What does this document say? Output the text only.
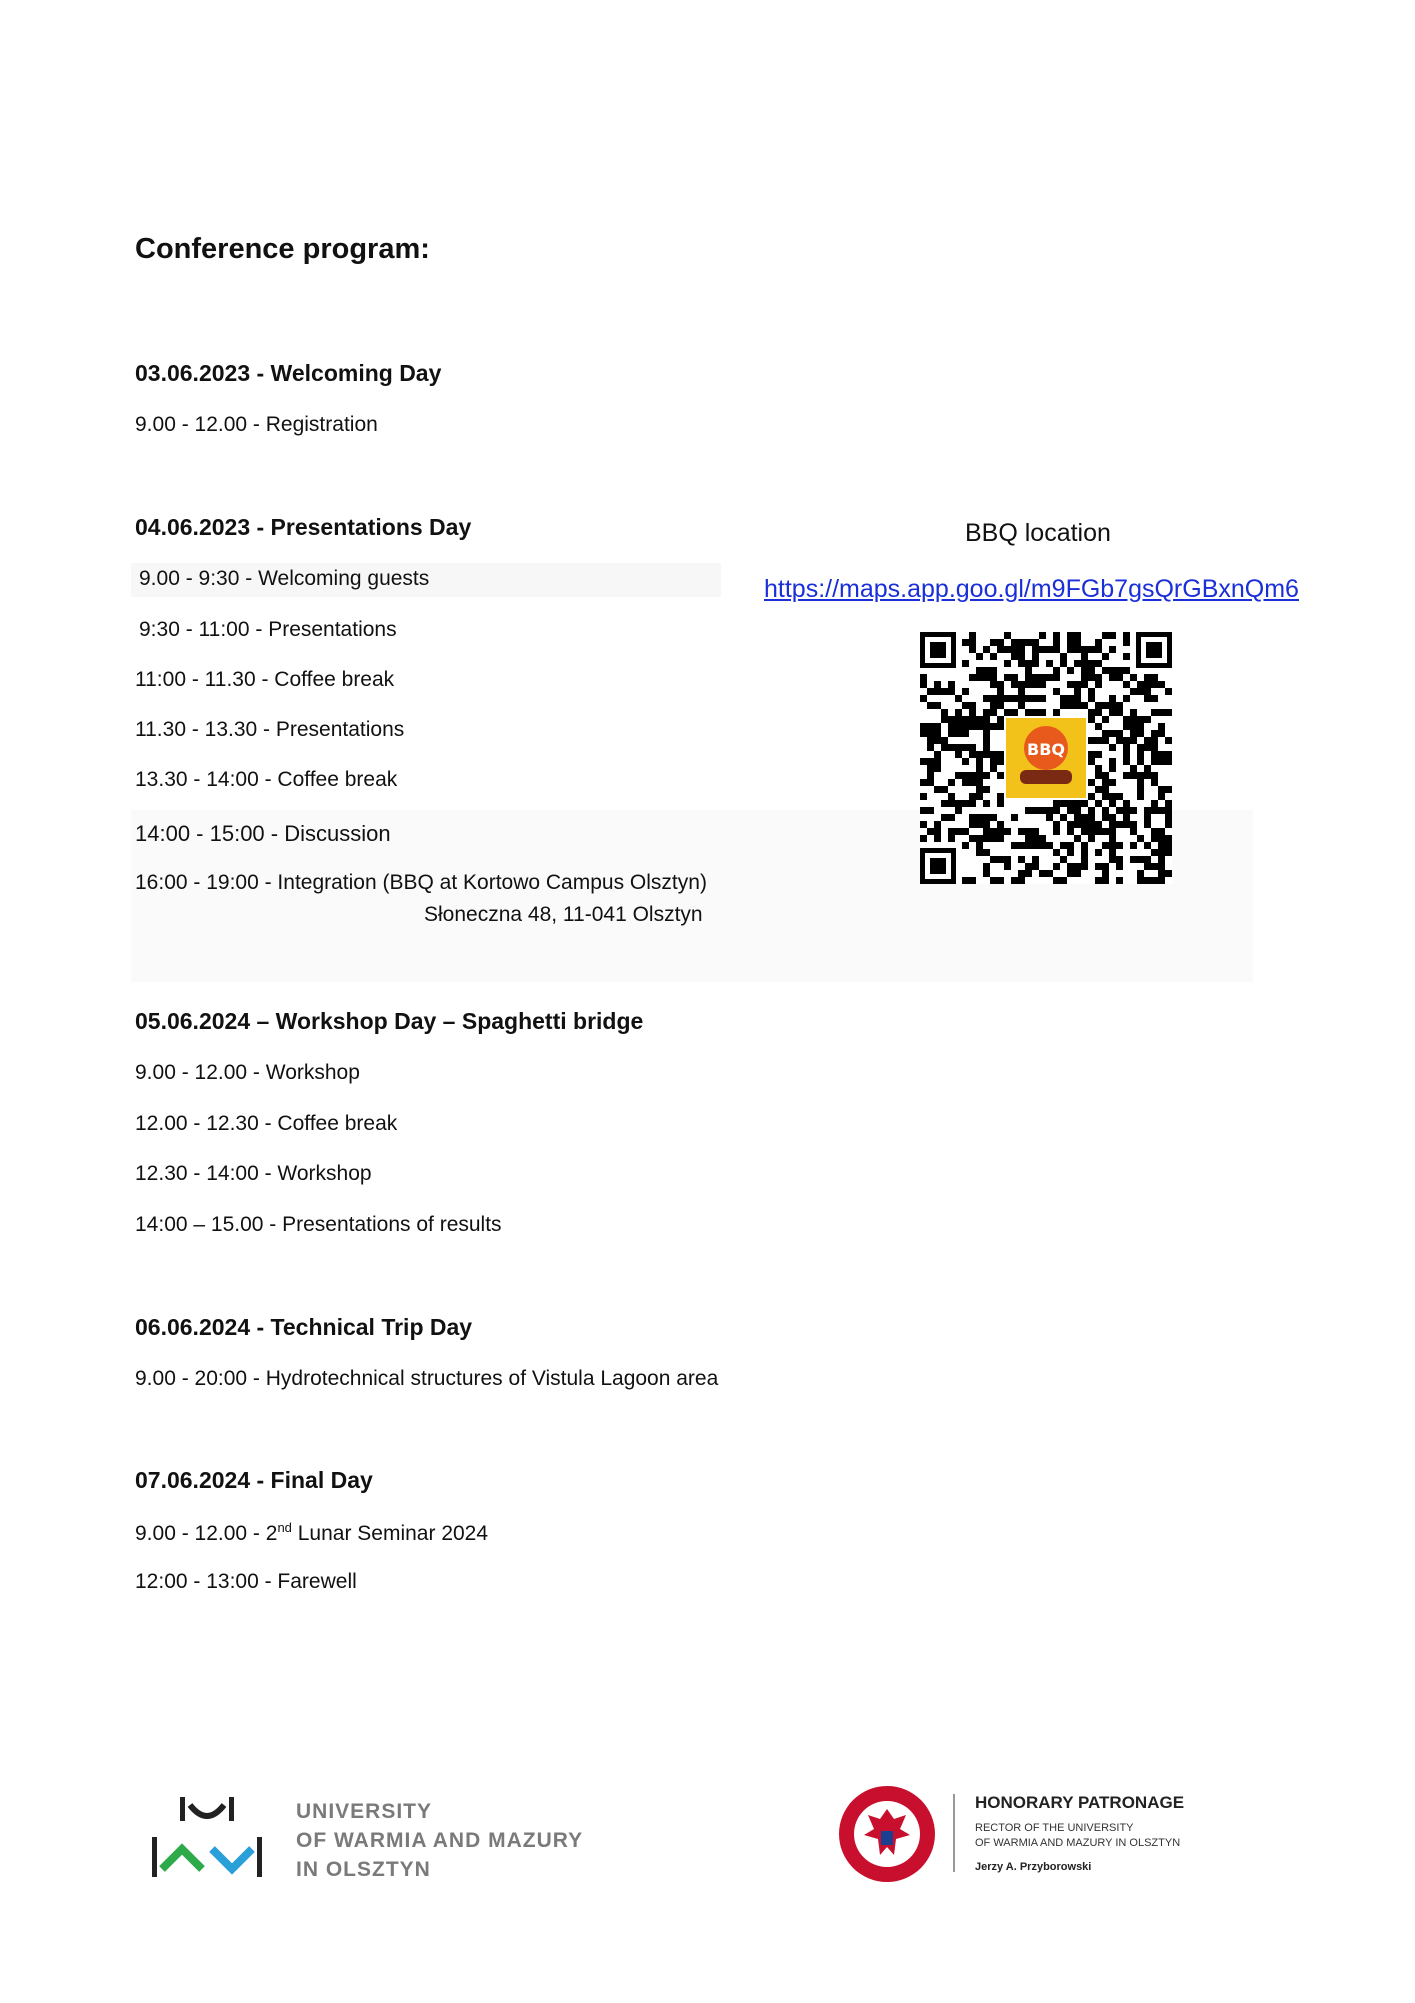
Conference program:
03.06.2023 - Welcoming Day
9.00 - 12.00 - Registration
04.06.2023 - Presentations Day
9.00 - 9:30 - Welcoming guests
9:30 - 11:00 - Presentations
11:00 - 11.30 - Coffee break
11.30 - 13.30 - Presentations
13.30 - 14:00 - Coffee break
14:00 - 15:00 - Discussion
16:00 - 19:00 - Integration (BBQ at Kortowo Campus Olsztyn)
Słoneczna 48, 11-041 Olsztyn
BBQ location
https://maps.app.goo.gl/m9FGb7gsQrGBxnQm6
BBQ
05.06.2024 – Workshop Day – Spaghetti bridge
9.00 - 12.00 - Workshop
12.00 - 12.30 - Coffee break
12.30 - 14:00 - Workshop
14:00 – 15.00 - Presentations of results
06.06.2024 - Technical Trip Day
9.00 - 20:00 - Hydrotechnical structures of Vistula Lagoon area
07.06.2024 - Final Day
9.00 - 12.00 - 2nd Lunar Seminar 2024
12:00 - 13:00 - Farewell
UNIVERSITY
OF WARMIA AND MAZURY
IN OLSZTYN
HONORARY PATRONAGE
RECTOR OF THE UNIVERSITY
OF WARMIA AND MAZURY IN OLSZTYN
Jerzy A. Przyborowski
